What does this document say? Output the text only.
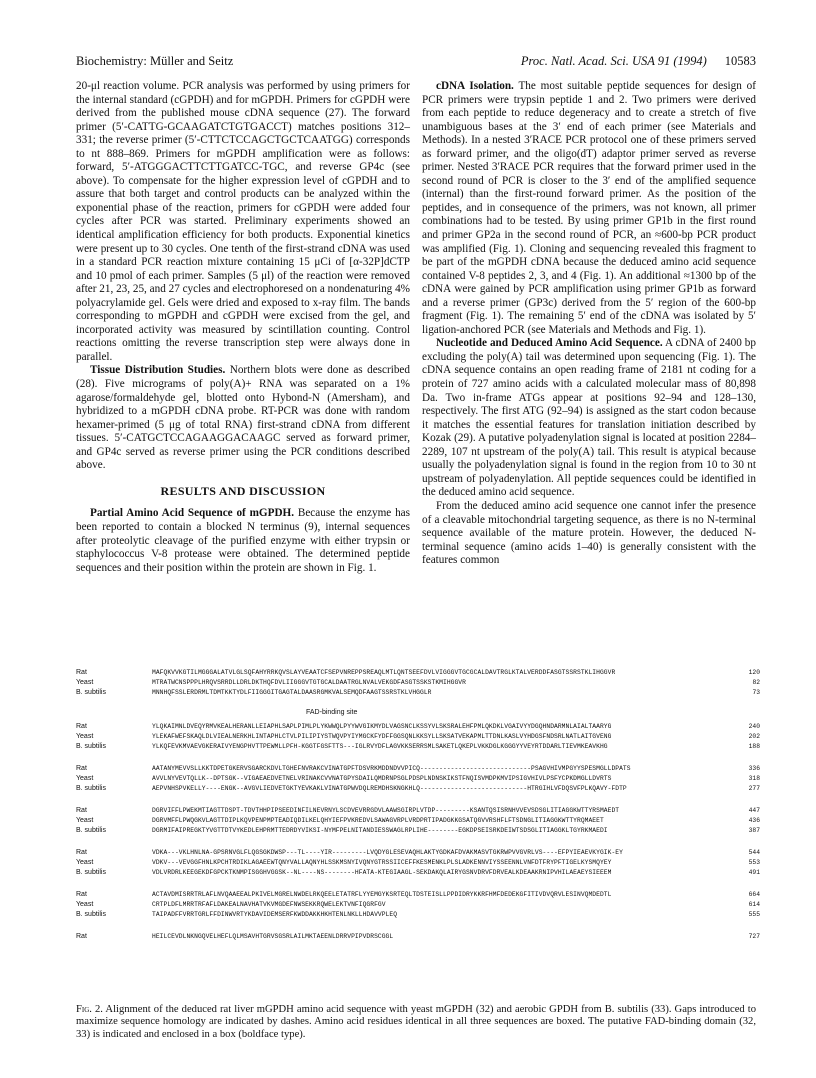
Biochemistry: Müller and Seitz	Proc. Natl. Acad. Sci. USA 91 (1994) 10583

20-μl reaction volume. PCR analysis was performed by using primers for the internal standard (cGPDH) and for mGPDH. Primers for cGPDH were derived from the published mouse cDNA sequence (27). The forward primer (5′-CATTG-GCAAGATCTGTGACCT) matches positions 312–331; the reverse primer (5′-CTTCTCCAGCTGCTCAATGG) corresponds to nt 888–869. Primers for mGPDH amplification were as follows: forward, 5′-ATGGGACTTCTTGATCC-TGC, and reverse GP4c (see above). To compensate for the higher expression level of cGPDH and to assure that both target and control products can be analyzed within the exponential phase of the reaction, primers for cGPDH were added four cycles after PCR was started. Preliminary experiments showed an identical amplification efficiency for both products. Exponential kinetics were present up to 30 cycles. One tenth of the first-strand cDNA was used in a standard PCR reaction mixture containing 15 μCi of [α-32P]dCTP and 10 pmol of each primer. Samples (5 μl) of the reaction were removed after 21, 23, 25, and 27 cycles and electrophoresed on a nondenaturing 4% polyacrylamide gel. Gels were dried and exposed to x-ray film. The bands corresponding to mGPDH and cGPDH were excised from the gel, and incorporated activity was measured by scintillation counting. Control reactions omitting the reverse transcription step were always done in parallel.

Tissue Distribution Studies. Northern blots were done as described (28). Five micrograms of poly(A)+ RNA was separated on a 1% agarose/formaldehyde gel, blotted onto Hybond-N (Amersham), and hybridized to a mGPDH cDNA probe. RT-PCR was done with random hexamer-primed (5 μg of total RNA) first-strand cDNA from different tissues. 5′-CATGCTCCAGAAGGACAAGC served as forward primer, and GP4c served as reverse primer using the PCR conditions described above.

RESULTS AND DISCUSSION

Partial Amino Acid Sequence of mGPDH. Because the enzyme has been reported to contain a blocked N terminus (9), internal sequences after proteolytic cleavage of the purified enzyme with either trypsin or staphylococcus V-8 protease were obtained. The determined peptide sequences and their position within the protein are shown in Fig. 1.

cDNA Isolation. The most suitable peptide sequences for design of PCR primers were trypsin peptide 1 and 2. Two primers were derived from each peptide to reduce degeneracy and to create a stretch of five unambiguous bases at the 3′ end of each primer (see Materials and Methods). In a nested 3′RACE PCR protocol one of these primers served as forward primer, and the oligo(dT) adaptor primer served as reverse primer. Nested 3′RACE PCR requires that the forward primer used in the second round of PCR is closer to the 3′ end of the amplified sequence (internal) than the first-round forward primer. As the position of the peptides, and in consequence of the primers, was not known, all primer combinations had to be tested. By using primer GP1b in the first round and primer GP2a in the second round of PCR, an ≈600-bp PCR product was amplified (Fig. 1). Cloning and sequencing revealed this fragment to be part of the mGPDH cDNA because the deduced amino acid sequence contained V-8 peptides 2, 3, and 4 (Fig. 1). An additional ≈1300 bp of the cDNA were gained by PCR amplification using primer GP1b as forward and a reverse primer (GP3c) derived from the 5′ region of the 600-bp fragment (Fig. 1). The remaining 5′ end of the cDNA was isolated by 5′ ligation-anchored PCR (see Materials and Methods and Fig. 1).

Nucleotide and Deduced Amino Acid Sequence. A cDNA of 2400 bp excluding the poly(A) tail was determined upon sequencing (Fig. 1). The cDNA sequence contains an open reading frame of 2181 nt coding for a protein of 727 amino acids with a calculated molecular mass of 80,898 Da. Two in-frame ATGs appear at positions 92–94 and 128–130, respectively. The first ATG (92–94) is assigned as the start codon because it matches the essential features for translation initiation described by Kozak (29). A putative polyadenylation signal is located at position 2284–2289, 107 nt upstream of the poly(A) tail. This result is atypical because usually the polyadenylation signal is found in the region from 10 to 30 nt upstream of polyadenylation. All peptide sequences could be identified in the deduced amino acid sequence.

From the deduced amino acid sequence one cannot infer the presence of a cleavable mitochondrial targeting sequence, as there is no N-terminal sequence available of the mature protein. However, the deduced N-terminal sequence (amino acids 1–40) is generally consistent with the features common

Rat	MAFQKVVKGTILMGGGALATVLGLSQFAHYRRKQVSLAYVEAATCFSEPVNREPPSREAQLMTLQNTSEEFDVLVIGGGVTGCGCALDAVTRGLKTALVERDDFASGTSSRSTKLIHGGVR	120
Yeast	MTRATWCNSPPPLHRQVSRRDLLDRLDKTHQFDVLIIGGGVTGTGCALDAATRGLNVALVEKGDFASGTSSKSTKMIHGGVR	82
B. subtilis	MNNHQFSSLERDRMLTDMTKKTYDLFIIGGGITGAGTALDAASRGMKVALSEMQDFAAGTSSRSTKLVHGGLR	73
FAD-binding site
Rat	YLQKAIMNLDVEQYRMVKEALHERANLLEIAPHLSAPLPIMLPLYKWWQLPYYWVGIKMYDLVAGSNCLKSSYVLSKSRALEHFPMLQKDKLVGAIVYYDGQHNDARMNLAIALTAARYG	240
Yeast	YLEKAFWEFSKAQLDLVIEALNERKHLINTAPHLCTVLPILIPIYSTWQVPYIYMGCKFYDFFGGSQNLKKSYLLSKSATVEKAPMLTTDNLKASLVYHDGSFNDSRLNATLAITGVENG	202
B. subtilis	YLKQFEVKMVAEVGKERAIVYENGPHVTTPEWMLLPFH-KGGTFGSFTTS---IGLRVYDFLAGVKKSERRSMLSAKETLQKEPLVKKDGLKGGGYYVEYRTDDARLTIEVMKEAVKHG	188
Rat	AATANYMEVVSLLKKTDPETGKERVSGARCKDVLTGHEFNVRAKCVINATGPFTDSVRKMDDNDVVPICQ-----------------------------PSAGVHIVMPGYYSPESMGLLDPATS	336
Yeast	AVVLNYVEVTQLLK--DPTSGK--VIGAEAEDVETNELVRINAKCVVNATGPYSDAILQMDRNPSGLPDSPLNDNSKIKSTFNQISVMDPKMVIPSIGVHIVLPSFYCPKDMGLLDVRTS	318
B. subtilis	AEPVNHSPVKELLY----ENGK--AVGVLIEDVETGKTYEVKAKLVINATGPWVDQLREMDHSKNGKHLQ----------------------------HTRGIHLVFDQSVFPLKQAVY-FDTP	277
Rat	DGRVIFFLPWEKMTIAGTTDSPT-TDVTHHPIPSEEDINFILNEVRNYLSCDVEVRRGDVLAAWSGIRPLVTDP---------KSANTQSISRNHVVEVSDSGLITIAGGKWTTYRSMAEDT	447
Yeast	DGRVMFFLPWQGKVLAGTTDIPLKQVPENPMPTEADIQDILKELQHYIEFPVKREDVLSAWAGVRPLVRDPRTIPADGKKGSATQGVVRSHFLFTSDNGLITIAGGKWTTYRQMAEET	436
B. subtilis	DGRMIFAIPREGKTYVGTTDTVYKEDLEHPRMTTEDRDYVIKSI-NYMFPELNITANDIESSWAGLRPLIHE--------EGKDPSEISRKDEIWTSDSGLITIAGGKLTGYRKMAEDI	387
Rat	VDKA---VKLHNLNA-GPSRNVGLFLQGSGKDWSP---TL----YIR---------LVQDYGLESEVAQHLAKTYGDKAFDVAKMASVTGKRWPVVGVRLVS----EFPYIEAEVKYGIK-EY	544
Yeast	VDKV---VEVGGFHNLKPCHTRDIKLAGAEEWTQNYVALLAQNYHLSSKMSNYIVQNYGTRSSIICEFFKESMENKLPLSLADKENNVIYSSEENNLVNFDTFRYPFTIGELKYSMQYEY	553
B. subtilis	VDLVRDRLKEEGEKDFGPCKTKNMPISGGHVGGSK--NL----NS--------HFATA-KTEGIAAGL-SEKDAKQLAIRYGSNVDRVFDRVEALKDEAAKRNIPVHILAEAEYSIEEEM	491
Rat	ACTAVDMISRRTRLAFLNVQAAEEALPKIVELMGRELNWDELRKQEELETATRFLYYEMGYKSRTEQLTDSTEISLLPPDIDRYKKRFHMFDEDEKGFITIVDVQRVLESINVQMDEDTL	664
Yeast	CRTPLDFLMRRTRFAFLDAKEALNAVHATVKVMGDEFNWSEKKRQWELEKTVNFIQGRFGV	614
B. subtilis	TAIPADFFVRRTGRLFFDINWVRTYKDAVIDEMSERFKWDDAKKHKHTENLNKLLHDAVVPLEQ	555
Rat	HEILCEVDLNKNGQVELHEFLQLMSAVHTGRVSGSRLAILMKTAEENLDRRVPIPVDRSCGGL	727
Fig. 2. Alignment of the deduced rat liver mGPDH amino acid sequence with yeast mGPDH (32) and aerobic GPDH from B. subtilis (33). Gaps introduced to maximize sequence homology are indicated by dashes. Amino acid residues identical in all three sequences are boxed. The putative FAD-binding domain (32, 33) is indicated and enclosed in a box (boldface type).
